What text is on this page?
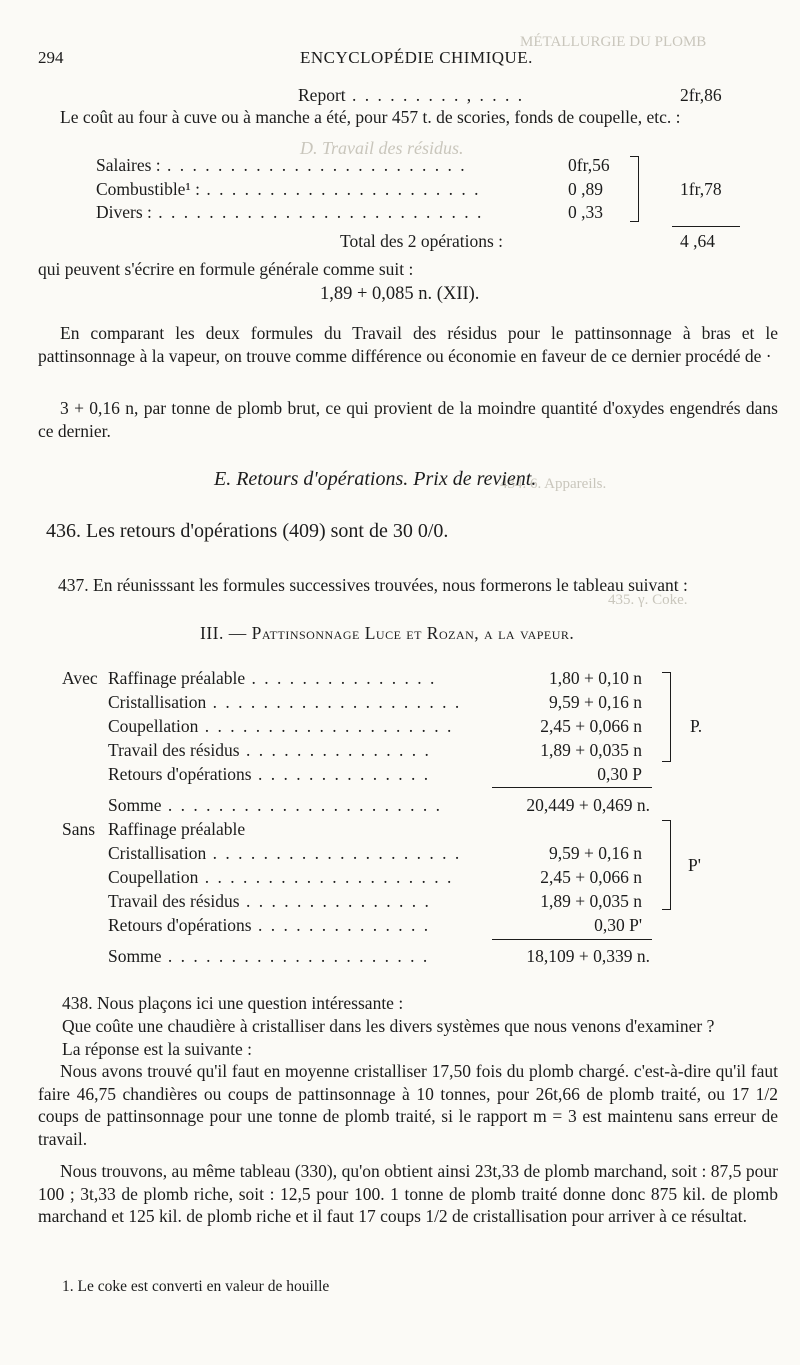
D. Travail des résidus.
MÉTALLURGIE DU PLOMB
434. 6. Appareils.
435. γ. Coke.
294	ENCYCLOPÉDIE CHIMIQUE.
Report . . . . . . . . . , . . . .	2fr,86
Le coût au four à cuve ou à manche a été, pour 457 t. de scories, fonds de coupelle, etc. :
Salaires : . . . . . . . . . . . . . . . . . . . . . . . .	0fr,56
Combustible¹ : . . . . . . . . . . . . . . . . . . . . . .	0 ,89
Divers : . . . . . . . . . . . . . . . . . . . . . . . . . .	0 ,33
1fr,78
Total des 2 opérations :	4 ,64
qui peuvent s'écrire en formule générale comme suit :
1,89 + 0,085 n. (XII).
En comparant les deux formules du Travail des résidus pour le pattinsonnage à bras et le pattinsonnage à la vapeur, on trouve comme différence ou économie en faveur de ce dernier procédé de ·
3 + 0,16 n, par tonne de plomb brut, ce qui provient de la moindre quantité d'oxydes engendrés dans ce dernier.
E. Retours d'opérations. Prix de revient.
436. Les retours d'opérations (409) sont de 30 0/0.
437. En réunisssant les formules successives trouvées, nous formerons le tableau suivant :
III. — Pattinsonnage Luce et Rozan, a la vapeur.
Avec Raffinage préalable . . . . . . . . . . . . . . .	1,80 + 0,10 n
Cristallisation . . . . . . . . . . . . . . . . . . . .	9,59 + 0,16 n
Coupellation . . . . . . . . . . . . . . . . . . . .	2,45 + 0,066 n
Travail des résidus . . . . . . . . . . . . . . .	1,89 + 0,035 n
Retours d'opérations . . . . . . . . . . . . . .	0,30 P
P.
Somme . . . . . . . . . . . . . . . . . . . . . .	20,449 + 0,469 n.
Sans Raffinage préalable
Cristallisation . . . . . . . . . . . . . . . . . . . .	9,59 + 0,16 n
Coupellation . . . . . . . . . . . . . . . . . . . .	2,45 + 0,066 n
Travail des résidus . . . . . . . . . . . . . . .	1,89 + 0,035 n
Retours d'opérations . . . . . . . . . . . . . .	0,30 P'
P'
Somme . . . . . . . . . . . . . . . . . . . . .	18,109 + 0,339 n.
438. Nous plaçons ici une question intéressante :
Que coûte une chaudière à cristalliser dans les divers systèmes que nous venons d'examiner ?
La réponse est la suivante :
Nous avons trouvé qu'il faut en moyenne cristalliser 17,50 fois du plomb chargé. c'est-à-dire qu'il faut faire 46,75 chandières ou coups de pattinsonnage à 10 tonnes, pour 26t,66 de plomb traité, ou 17 1/2 coups de pattinsonnage pour une tonne de plomb traité, si le rapport m = 3 est maintenu sans erreur de travail.
Nous trouvons, au même tableau (330), qu'on obtient ainsi 23t,33 de plomb marchand, soit : 87,5 pour 100 ; 3t,33 de plomb riche, soit : 12,5 pour 100. 1 tonne de plomb traité donne donc 875 kil. de plomb marchand et 125 kil. de plomb riche et il faut 17 coups 1/2 de cristallisation pour arriver à ce résultat.
1. Le coke est converti en valeur de houille
